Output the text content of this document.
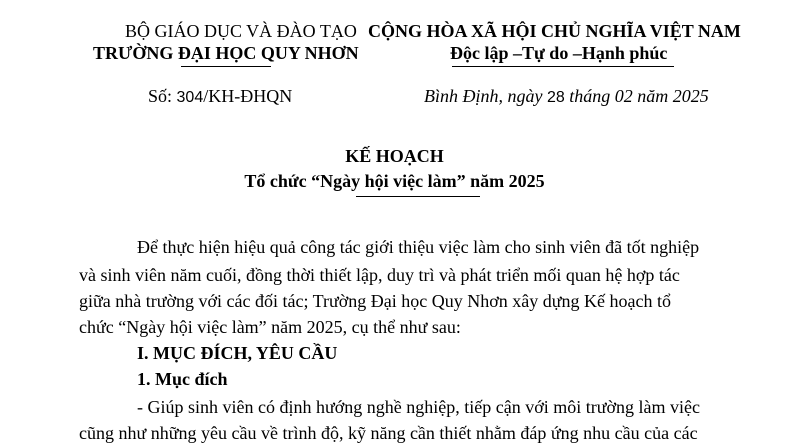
BỘ GIÁO DỤC VÀ ĐÀO TẠO
TRƯỜNG ĐẠI HỌC QUY NHƠN
CỘNG HÒA XÃ HỘI CHỦ NGHĨA VIỆT NAM
Độc lập –Tự do –Hạnh phúc
Số: 304/KH-ĐHQN	Bình Định, ngày 28 tháng 02 năm 2025
KẾ HOẠCH
Tổ chức “Ngày hội việc làm” năm 2025
Để thực hiện hiệu quả công tác giới thiệu việc làm cho sinh viên đã tốt nghiệp
và sinh viên năm cuối, đồng thời thiết lập, duy trì và phát triển mối quan hệ hợp tác
giữa nhà trường với các đối tác; Trường Đại học Quy Nhơn xây dựng Kế hoạch tổ
chức “Ngày hội việc làm” năm 2025, cụ thể như sau:
I. MỤC ĐÍCH, YÊU CẦU
1. Mục đích
- Giúp sinh viên có định hướng nghề nghiệp, tiếp cận với môi trường làm việc
cũng như những yêu cầu về trình độ, kỹ năng cần thiết nhằm đáp ứng nhu cầu của các
